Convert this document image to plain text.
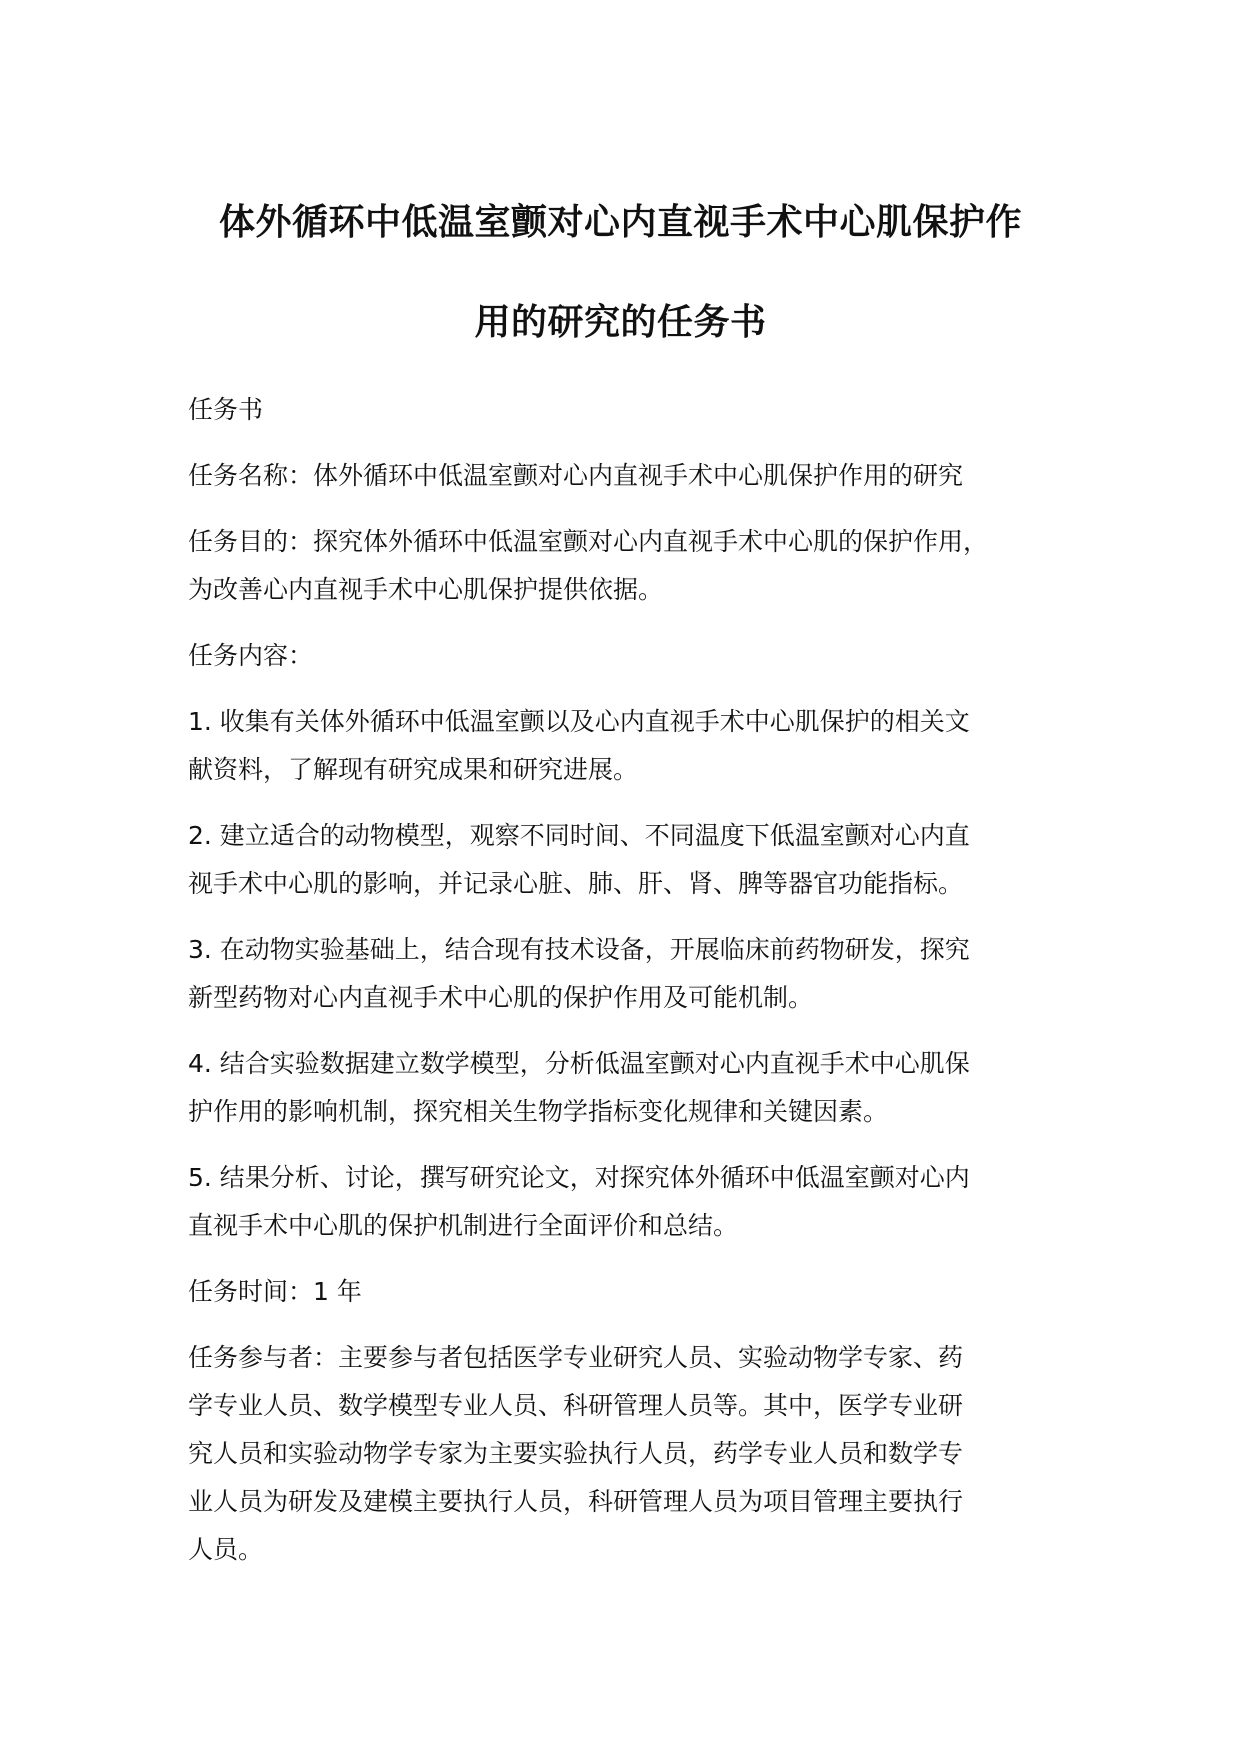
体外循环中低温室颤对心内直视手术中心肌保护作
用的研究的任务书

任务书

任务名称：体外循环中低温室颤对心内直视手术中心肌保护作用的研究

任务目的：探究体外循环中低温室颤对心内直视手术中心肌的保护作用，
为改善心内直视手术中心肌保护提供依据。

任务内容：

1. 收集有关体外循环中低温室颤以及心内直视手术中心肌保护的相关文
献资料，了解现有研究成果和研究进展。

2. 建立适合的动物模型，观察不同时间、不同温度下低温室颤对心内直
视手术中心肌的影响，并记录心脏、肺、肝、肾、脾等器官功能指标。

3. 在动物实验基础上，结合现有技术设备，开展临床前药物研发，探究
新型药物对心内直视手术中心肌的保护作用及可能机制。

4. 结合实验数据建立数学模型，分析低温室颤对心内直视手术中心肌保
护作用的影响机制，探究相关生物学指标变化规律和关键因素。

5. 结果分析、讨论，撰写研究论文，对探究体外循环中低温室颤对心内
直视手术中心肌的保护机制进行全面评价和总结。

任务时间：1 年

任务参与者：主要参与者包括医学专业研究人员、实验动物学专家、药
学专业人员、数学模型专业人员、科研管理人员等。其中，医学专业研
究人员和实验动物学专家为主要实验执行人员，药学专业人员和数学专
业人员为研发及建模主要执行人员，科研管理人员为项目管理主要执行
人员。
